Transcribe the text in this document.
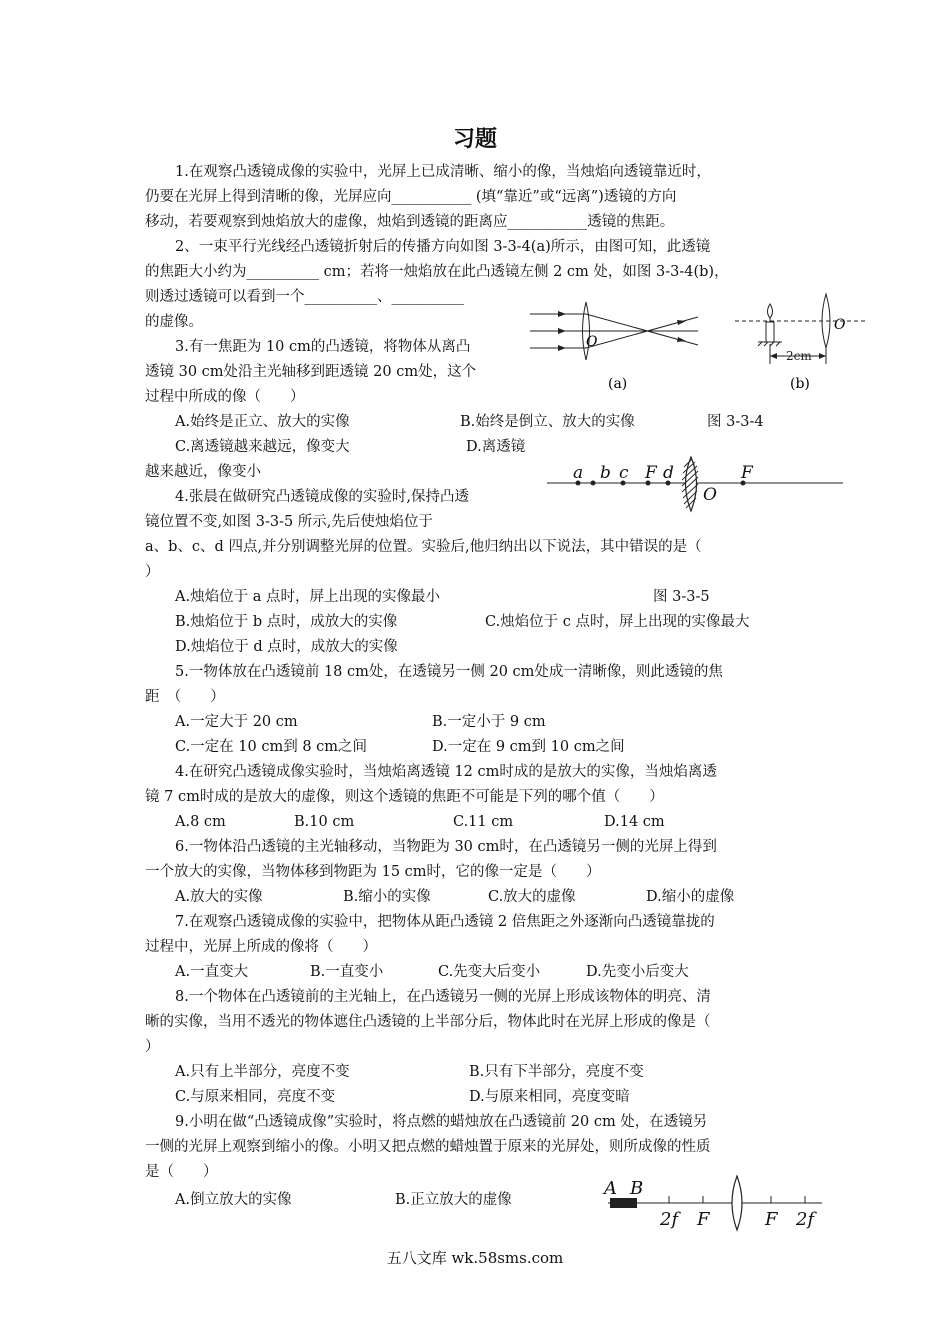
习题
1.在观察凸透镜成像的实验中，光屏上已成清晰、缩小的像，当烛焰向透镜靠近时，
仍要在光屏上得到清晰的像，光屏应向___________ (填“靠近”或“远离”)透镜的方向
移动，若要观察到烛焰放大的虚像，烛焰到透镜的距离应___________透镜的焦距。
2、一束平行光线经凸透镜折射后的传播方向如图 3-3-4(a)所示，由图可知，此透镜
的焦距大小约为__________ cm；若将一烛焰放在此凸透镜左侧 2 cm 处，如图 3-3-4(b)，
则透过透镜可以看到一个__________、__________
的虚像。
3.有一焦距为 10 cm的凸透镜，将物体从离凸
透镜 30 cm处沿主光轴移到距透镜 20 cm处，这个
过程中所成的像（　　）
A.始终是正立、放大的实像	B.始终是倒立、放大的实像	图 3-3-4
C.离透镜越来越远，像变大	D.离透镜
越来越近，像变小
4.张晨在做研究凸透镜成像的实验时,保持凸透
镜位置不变,如图 3-3-5 所示,先后使烛焰位于
a、b、c、d 四点,并分别调整光屏的位置。实验后,他归纳出以下说法，其中错误的是（
）
A.烛焰位于 a 点时，屏上出现的实像最小	图 3-3-5
B.烛焰位于 b 点时，成放大的实像	C.烛焰位于 c 点时，屏上出现的实像最大
D.烛焰位于 d 点时，成放大的实像
5.一物体放在凸透镜前 18 cm处，在透镜另一侧 20 cm处成一清晰像，则此透镜的焦
距　（　　）
A.一定大于 20 cm	B.一定小于 9 cm
C.一定在 10 cm到 8 cm之间	D.一定在 9 cm到 10 cm之间
4.在研究凸透镜成像实验时，当烛焰离透镜 12 cm时成的是放大的实像，当烛焰离透
镜 7 cm时成的是放大的虚像，则这个透镜的焦距不可能是下列的哪个值（　　）
A.8 cm	B.10 cm	C.11 cm	D.14 cm
6.一物体沿凸透镜的主光轴移动，当物距为 30 cm时，在凸透镜另一侧的光屏上得到
一个放大的实像，当物体移到物距为 15 cm时，它的像一定是（　　）
A.放大的实像	B.缩小的实像	C.放大的虚像	D.缩小的虚像
7.在观察凸透镜成像的实验中，把物体从距凸透镜 2 倍焦距之外逐渐向凸透镜靠拢的
过程中，光屏上所成的像将（　　）
A.一直变大	B.一直变小	C.先变大后变小	D.先变小后变大
8.一个物体在凸透镜前的主光轴上，在凸透镜另一侧的光屏上形成该物体的明亮、清
晰的实像，当用不透光的物体遮住凸透镜的上半部分后，物体此时在光屏上形成的像是（
）
A.只有上半部分，亮度不变	B.只有下半部分，亮度不变
C.与原来相同，亮度不变	D.与原来相同，亮度变暗
9.小明在做“凸透镜成像”实验时，将点燃的蜡烛放在凸透镜前 20 cm 处，在透镜另
一侧的光屏上观察到缩小的像。小明又把点燃的蜡烛置于原来的光屏处，则所成像的性质
是（　　）
A.倒立放大的实像	B.正立放大的虚像
O
(a)
O
2cm
(b)
a b c F d	F
O
A B
2f F	F 2f
五八文库 wk.58sms.com
